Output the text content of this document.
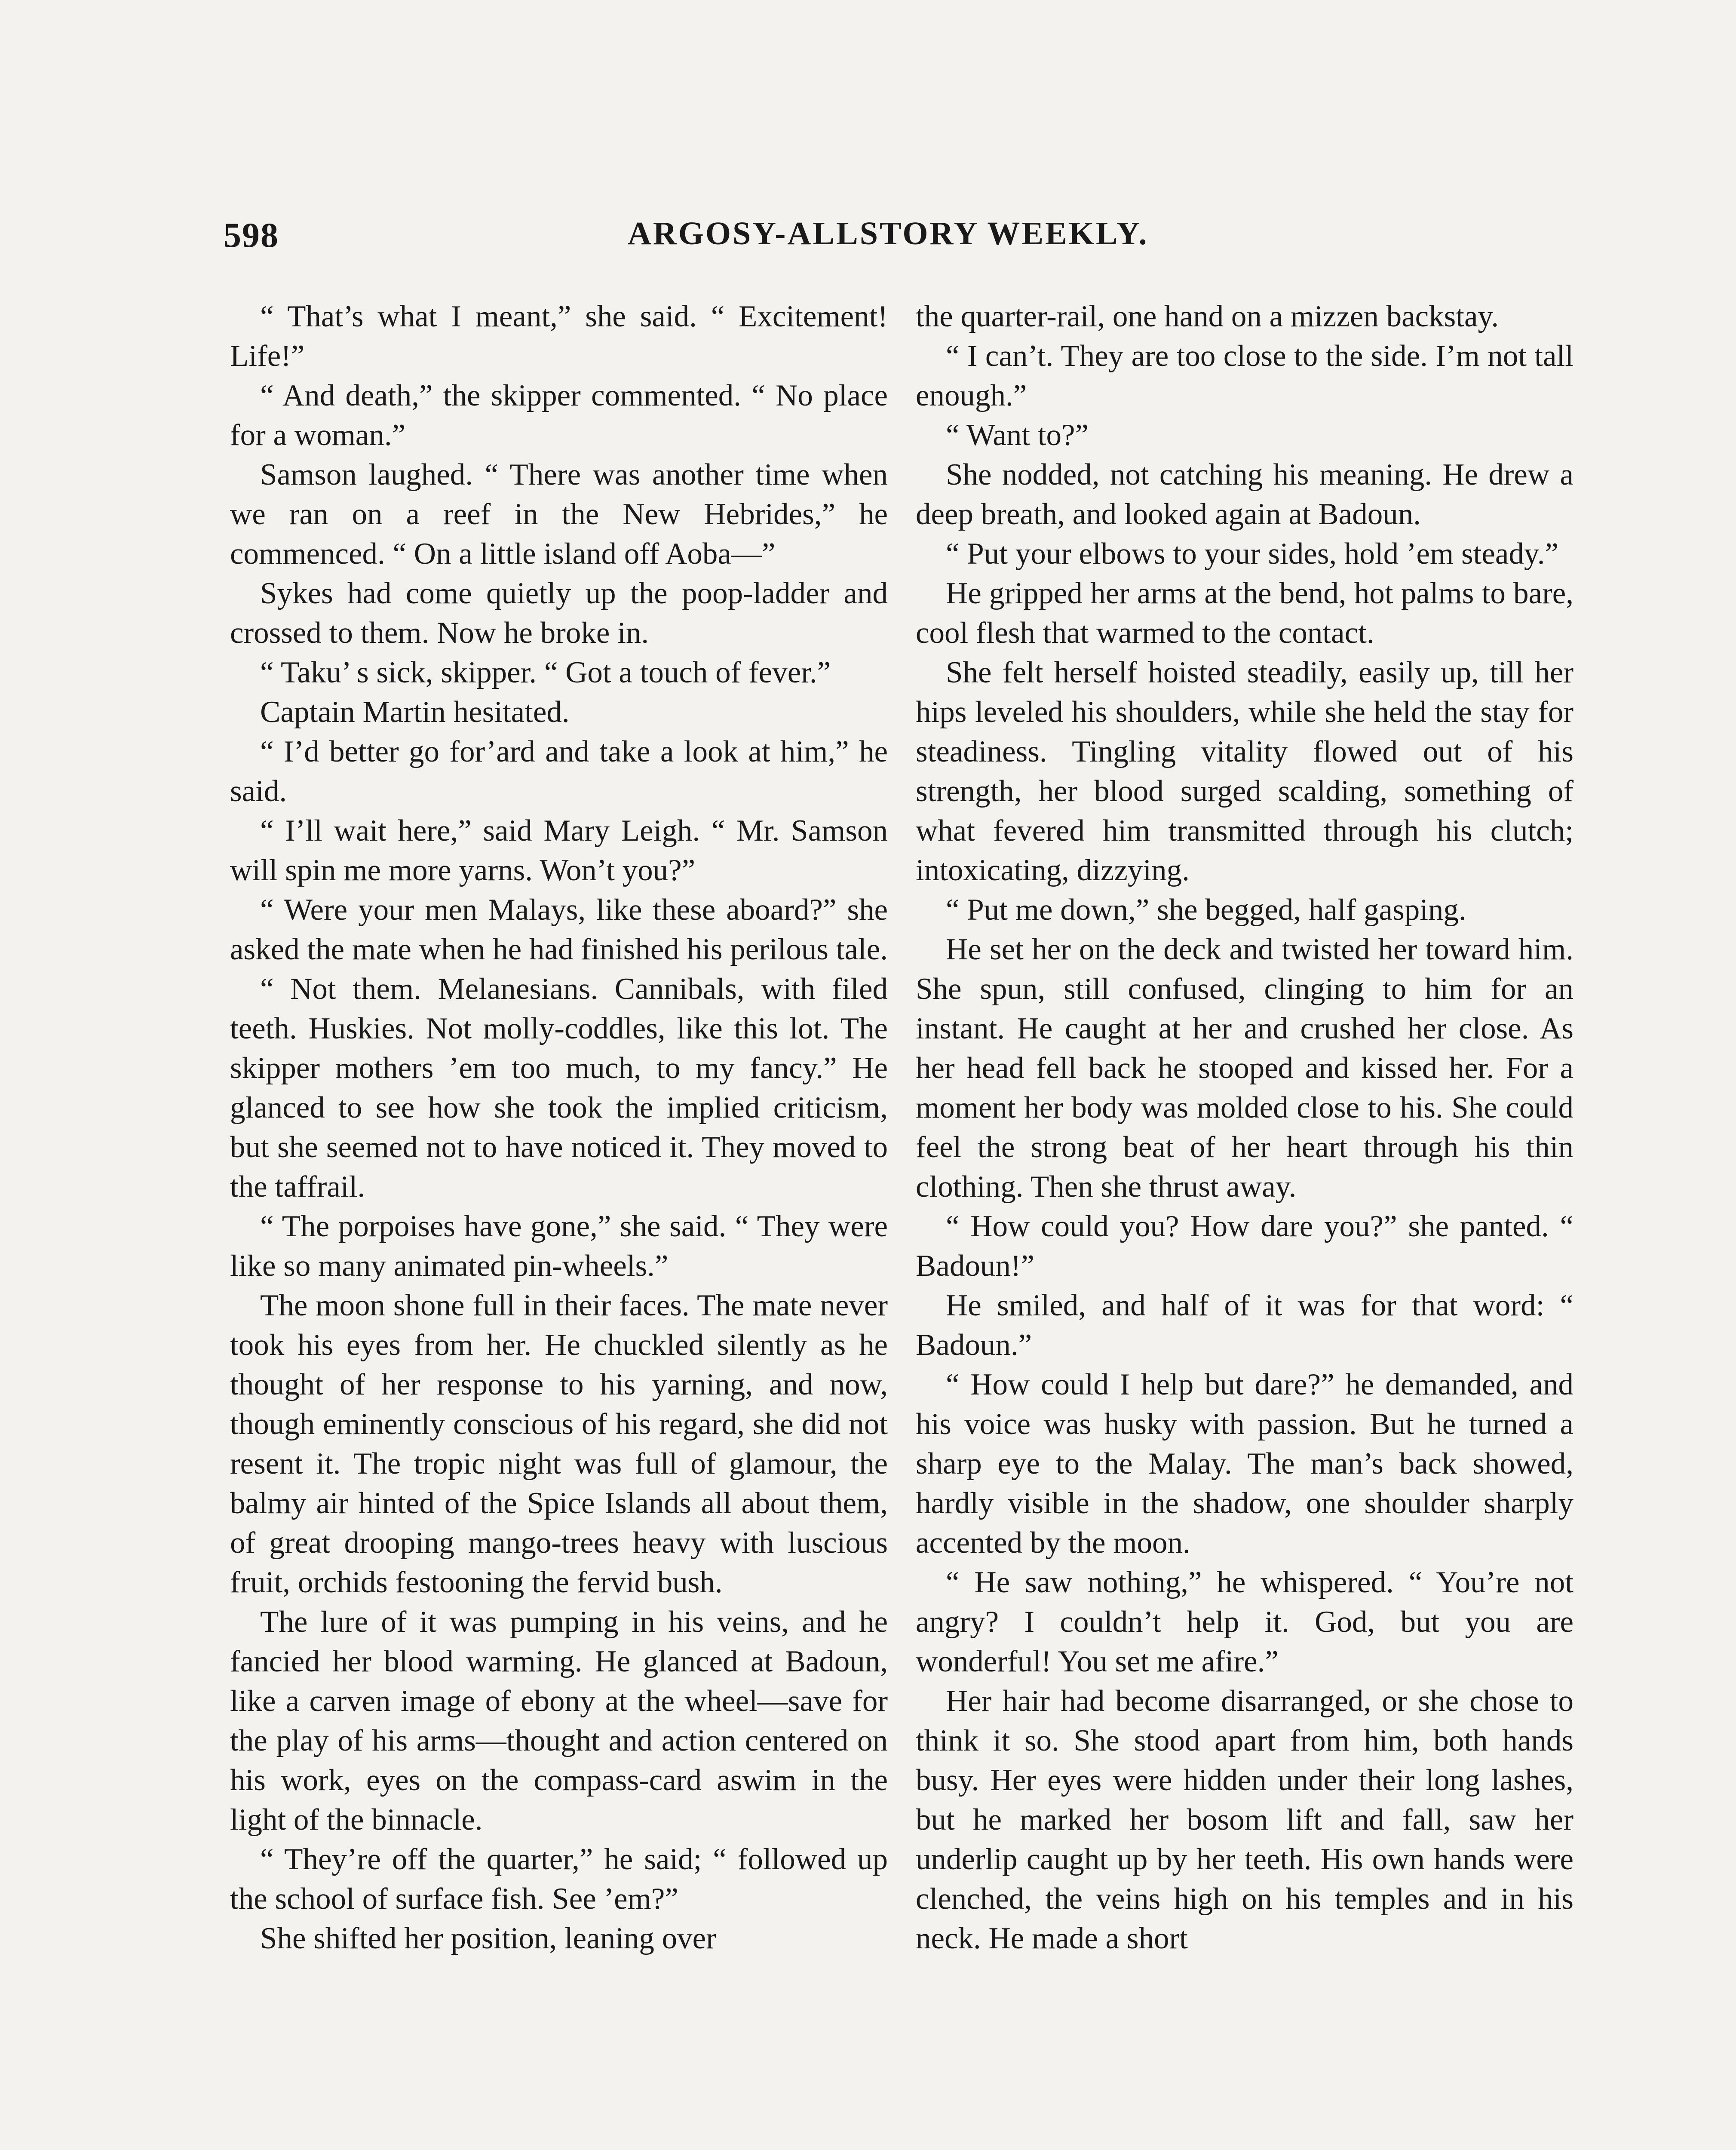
598	ARGOSY-ALLSTORY WEEKLY.

“ That’s what I meant,” she said. “ Excitement! Life!”

“ And death,” the skipper commented. “ No place for a woman.”

Samson laughed. “ There was another time when we ran on a reef in the New Hebrides,” he commenced. “ On a little island off Aoba—”

Sykes had come quietly up the poop-ladder and crossed to them. Now he broke in.

“ Taku’ s sick, skipper. “ Got a touch of fever.”

Captain Martin hesitated.

“ I’d better go for’ard and take a look at him,” he said.

“ I’ll wait here,” said Mary Leigh. “ Mr. Samson will spin me more yarns. Won’t you?”

“ Were your men Malays, like these aboard?” she asked the mate when he had finished his perilous tale.

“ Not them. Melanesians. Cannibals, with filed teeth. Huskies. Not molly-coddles, like this lot. The skipper mothers ’em too much, to my fancy.” He glanced to see how she took the implied criticism, but she seemed not to have noticed it. They moved to the taffrail.

“ The porpoises have gone,” she said. “ They were like so many animated pin-wheels.”

The moon shone full in their faces. The mate never took his eyes from her. He chuckled silently as he thought of her response to his yarning, and now, though eminently conscious of his regard, she did not resent it. The tropic night was full of glamour, the balmy air hinted of the Spice Islands all about them, of great drooping mango-trees heavy with luscious fruit, orchids festooning the fervid bush.

The lure of it was pumping in his veins, and he fancied her blood warming. He glanced at Badoun, like a carven image of ebony at the wheel—save for the play of his arms—thought and action centered on his work, eyes on the compass-card aswim in the light of the binnacle.

“ They’re off the quarter,” he said; “ followed up the school of surface fish. See ’em?”

She shifted her position, leaning over

the quarter-rail, one hand on a mizzen backstay.

“ I can’t. They are too close to the side. I’m not tall enough.”

“ Want to?”

She nodded, not catching his meaning. He drew a deep breath, and looked again at Badoun.

“ Put your elbows to your sides, hold ’em steady.”

He gripped her arms at the bend, hot palms to bare, cool flesh that warmed to the contact.

She felt herself hoisted steadily, easily up, till her hips leveled his shoulders, while she held the stay for steadiness. Tingling vitality flowed out of his strength, her blood surged scalding, something of what fevered him transmitted through his clutch; intoxicating, dizzying.

“ Put me down,” she begged, half gasping.

He set her on the deck and twisted her toward him. She spun, still confused, clinging to him for an instant. He caught at her and crushed her close. As her head fell back he stooped and kissed her. For a moment her body was molded close to his. She could feel the strong beat of her heart through his thin clothing. Then she thrust away.

“ How could you? How dare you?” she panted. “ Badoun!”

He smiled, and half of it was for that word: “ Badoun.”

“ How could I help but dare?” he demanded, and his voice was husky with passion. But he turned a sharp eye to the Malay. The man’s back showed, hardly visible in the shadow, one shoulder sharply accented by the moon.

“ He saw nothing,” he whispered. “ You’re not angry? I couldn’t help it. God, but you are wonderful! You set me afire.”

Her hair had become disarranged, or she chose to think it so. She stood apart from him, both hands busy. Her eyes were hidden under their long lashes, but he marked her bosom lift and fall, saw her underlip caught up by her teeth. His own hands were clenched, the veins high on his temples and in his neck. He made a short
